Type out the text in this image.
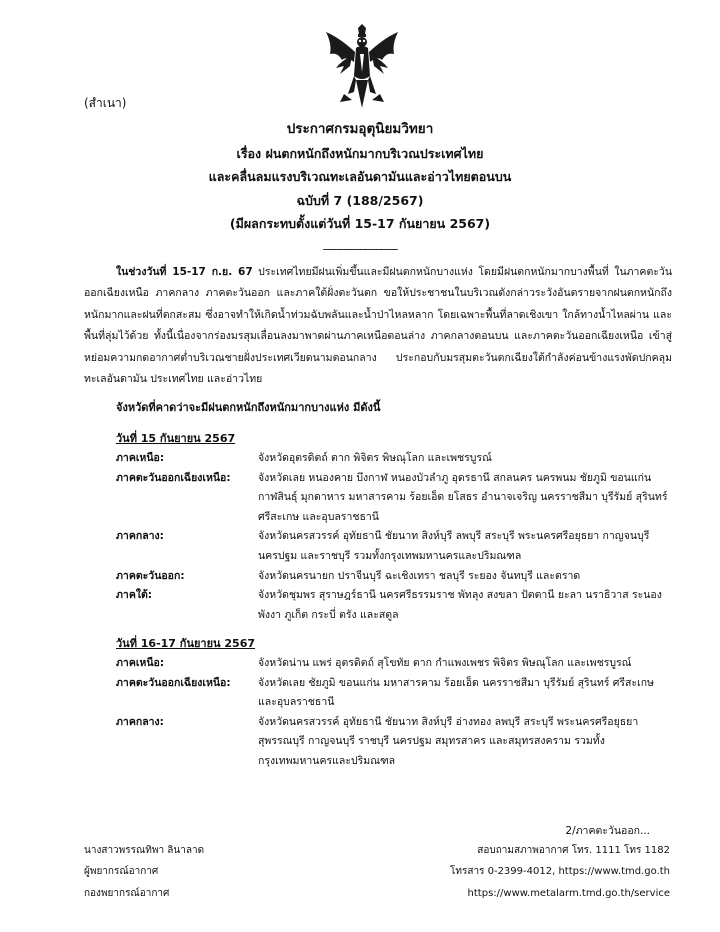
(สำเนา)
ประกาศกรมอุตุนิยมวิทยา
เรื่อง ฝนตกหนักถึงหนักมากบริเวณประเทศไทย
และคลื่นลมแรงบริเวณทะเลอันดามันและอ่าวไทยตอนบน
ฉบับที่ 7 (188/2567)
(มีผลกระทบตั้งแต่วันที่ 15-17 กันยายน 2567)
______________
ในช่วงวันที่ 15-17 ก.ย. 67 ประเทศไทยมีฝนเพิ่มขึ้นและมีฝนตกหนักบางแห่ง โดยมีฝนตกหนักมากบางพื้นที่ ในภาคตะวันออกเฉียงเหนือ ภาคกลาง ภาคตะวันออก และภาคใต้ฝั่งตะวันตก ขอให้ประชาชนในบริเวณดังกล่าวระวังอันตรายจากฝนตกหนักถึงหนักมากและฝนที่ตกสะสม ซึ่งอาจทำให้เกิดน้ำท่วมฉับพลันและน้ำป่าไหลหลาก โดยเฉพาะพื้นที่ลาดเชิงเขา ใกล้ทางน้ำไหลผ่าน และพื้นที่ลุ่มไว้ด้วย ทั้งนี้เนื่องจากร่องมรสุมเลื่อนลงมาพาดผ่านภาคเหนือตอนล่าง ภาคกลางตอนบน และภาคตะวันออกเฉียงเหนือ เข้าสู่หย่อมความกดอากาศต่ำบริเวณชายฝั่งประเทศเวียดนามตอนกลาง ประกอบกับมรสุมตะวันตกเฉียงใต้กำลังค่อนข้างแรงพัดปกคลุมทะเลอันดามัน ประเทศไทย และอ่าวไทย
จังหวัดที่คาดว่าจะมีฝนตกหนักถึงหนักมากบางแห่ง มีดังนี้
วันที่ 15 กันยายน 2567
ภาคเหนือ:	จังหวัดอุตรดิตถ์ ตาก พิจิตร พิษณุโลก และเพชรบูรณ์
ภาคตะวันออกเฉียงเหนือ:	จังหวัดเลย หนองคาย บึงกาฬ หนองบัวลำภู อุดรธานี สกลนคร นครพนม ชัยภูมิ ขอนแก่น กาฬสินธุ์ มุกดาหาร มหาสารคาม ร้อยเอ็ด ยโสธร อำนาจเจริญ นครราชสีมา บุรีรัมย์ สุรินทร์ ศรีสะเกษ และอุบลราชธานี
ภาคกลาง:	จังหวัดนครสวรรค์ อุทัยธานี ชัยนาท สิงห์บุรี ลพบุรี สระบุรี พระนครศรีอยุธยา กาญจนบุรี นครปฐม และราชบุรี รวมทั้งกรุงเทพมหานครและปริมณฑล
ภาคตะวันออก:	จังหวัดนครนายก ปราจีนบุรี ฉะเชิงเทรา ชลบุรี ระยอง จันทบุรี และตราด
ภาคใต้:	จังหวัดชุมพร สุราษฎร์ธานี นครศรีธรรมราช พัทลุง สงขลา ปัตตานี ยะลา นราธิวาส ระนอง พังงา ภูเก็ต กระบี่ ตรัง และสตูล
วันที่ 16-17 กันยายน 2567
ภาคเหนือ:	จังหวัดน่าน แพร่ อุตรดิตถ์ สุโขทัย ตาก กำแพงเพชร พิจิตร พิษณุโลก และเพชรบูรณ์
ภาคตะวันออกเฉียงเหนือ:	จังหวัดเลย ชัยภูมิ ขอนแก่น มหาสารคาม ร้อยเอ็ด นครราชสีมา บุรีรัมย์ สุรินทร์ ศรีสะเกษ และอุบลราชธานี
ภาคกลาง:	จังหวัดนครสวรรค์ อุทัยธานี ชัยนาท สิงห์บุรี อ่างทอง ลพบุรี สระบุรี พระนครศรีอยุธยา สุพรรณบุรี กาญจนบุรี ราชบุรี นครปฐม สมุทรสาคร และสมุทรสงคราม รวมทั้งกรุงเทพมหานครและปริมณฑล
2/ภาคตะวันออก...
นางสาวพรรณทิพา ลินาลาด
ผู้พยากรณ์อากาศ
กองพยากรณ์อากาศ
สอบถามสภาพอากาศ โทร. 1111 โทร 1182
โทรสาร 0-2399-4012, https://www.tmd.go.th
https://www.metalarm.tmd.go.th/service
